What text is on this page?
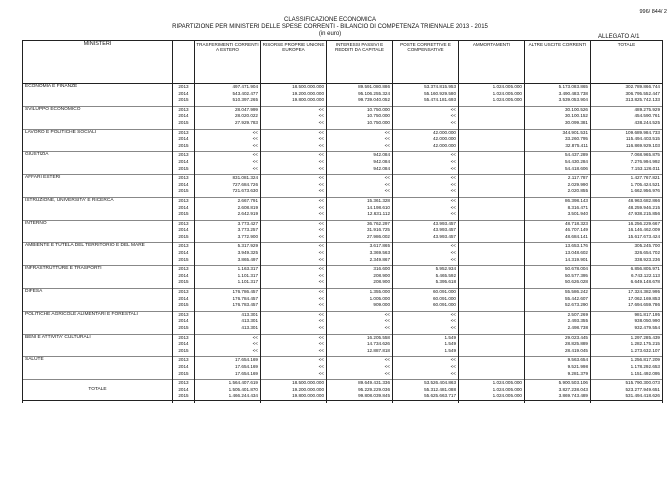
996/ 844/ 2
CLASSIFICAZIONE ECONOMICA
RIPARTIZIONE PER MINISTERI DELLE SPESE CORRENTI - BILANCIO DI COMPETENZA TRIENNALE 2013 - 2015
(in euro)	ALLEGATO A/1
MINISTERI		TRASFERIMENTI CORRENTI A ESTERO	RISORSE PROPRIE UNIONE EUROPEA	INTERESSI PASSIVI E REDDITI DA CAPITALE	POSTE CORRETTIVE E COMPENSATIVE	AMMORTAMENTI	ALTRE USCITE CORRENTI	TOTALE
ECONOMIA E FINANZE	2013	497.471.904	18.500.000.000	89.591.080.886	53.374.815.953	1.024.005.000	5.173.083.865	302.789.866.744
	2014	543.402.477	19.200.000.000	95.106.255.324	55.160.929.580	1.024.005.000	3.490.483.738	306.795.552.447
	2015	510.397.265	19.800.000.000	99.739.040.052	55.474.181.693	1.024.005.000	3.539.053.904	313.825.742.133

SVILUPPO ECONOMICO	2013	28.047.999	<<	10.750.000	<<		30.100.526	489.275.929
	2014	28.020.022	<<	10.750.000	<<		30.100.152	454.590.761
	2015	27.929.783	<<	10.750.000	<<		30.099.381	438.244.525

LAVORO E POLITICHE SOCIALI	2013	<<	<<	<<	42.000.000		344.901.531	109.689.984.733
	2014	<<	<<	<<	42.000.000		33.260.795	115.494.403.515
	2015	<<	<<	<<	42.000.000		32.875.411	116.869.929.103

GIUSTIZIA	2013	<<	<<	942.084	<<		54.437.289	7.068.965.875
	2014	<<	<<	942.084	<<		54.430.284	7.276.994.992
	2015	<<	<<	942.084	<<		54.418.606	7.153.126.011

AFFARI ESTERI	2013	831.081.324	<<	<<	<<		2.117.787	1.427.767.821
	2014	727.684.726	<<	<<	<<		2.029.990	1.705.424.521
	2015	721.673.630	<<	<<	<<		2.020.855	1.662.956.976

ISTRUZIONE, UNIVERSITA' E RICERCA	2013	2.667.791	<<	15.361.328	<<		86.398.143	48.963.682.866
	2014	2.608.819	<<	14.198.610	<<		8.316.471	48.259.946.215
	2015	2.642.919	<<	12.631.112	<<		3.501.940	47.938.215.856

INTERNO	2013	3.773.427	<<	36.762.297	43.993.457		48.718.323	16.256.229.667
	2014	3.773.257	<<	31.916.725	43.993.457		46.707.149	16.146.462.009
	2015	3.772.900	<<	27.986.002	43.993.457		48.684.141	15.617.673.424

AMBIENTE E TUTELA DEL TERRITORIO E DEL MARE	2013	5.317.929	<<	3.617.865	<<		13.653.176	305.245.700
	2014	3.949.325	<<	3.369.563	<<		13.048.602	326.654.702
	2015	3.865.497	<<	2.349.867	<<		14.319.901	338.923.236

INFRASTRUTTURE E TRASPORTI	2013	1.163.317	<<	316.600	5.952.934		50.678.004	6.856.805.971
	2014	1.101.317	<<	208.900	5.465.592		50.577.395	6.743.122.113
	2015	1.101.317	<<	208.900	5.395.618		50.626.028	6.649.148.678

DIFESA	2013	176.786.457	<<	1.355.000	60.091.000		55.586.242	17.324.382.995
	2014	176.784.457	<<	1.005.000	60.091.000		55.442.607	17.062.169.853
	2015	176.783.457	<<	909.000	60.091.000		52.673.290	17.694.659.786

POLITICHE AGRICOLE ALIMENTARI E FORESTALI	2013	413.301	<<	<<	<<		2.507.269	981.817.195
	2014	413.301	<<	<<	<<		2.493.355	938.050.990
	2015	413.301	<<	<<	<<		2.498.738	932.479.554

BENI E ATTIVITA' CULTURALI	2013	<<	<<	16.205.558	1.549		29.023.445	1.297.285.439
	2014	<<	<<	14.734.626	1.549		28.825.889	1.282.175.215
	2015	<<	<<	12.887.818	1.549		28.419.045	1.273.632.107

SALUTE	2013	17.654.169	<<	<<	<<		9.563.654	1.256.817.209
	2014	17.654.169	<<	<<	<<		9.521.998	1.178.292.653
	2015	17.654.169	<<	<<	<<		9.281.379	1.151.492.095

	2013	1.564.407.619	18.500.000.000	89.649.431.336	53.526.404.863	1.024.005.000	5.900.503.106	515.790.300.073
TOTALE	2014	1.505.401.870	19.200.000.000	95.229.229.036	55.312.481.088	1.024.005.000	3.827.238.043	523.277.949.651
	2015	1.466.244.434	19.800.000.000	99.808.039.845	55.625.663.717	1.024.005.000	3.869.743.489	531.494.418.626
